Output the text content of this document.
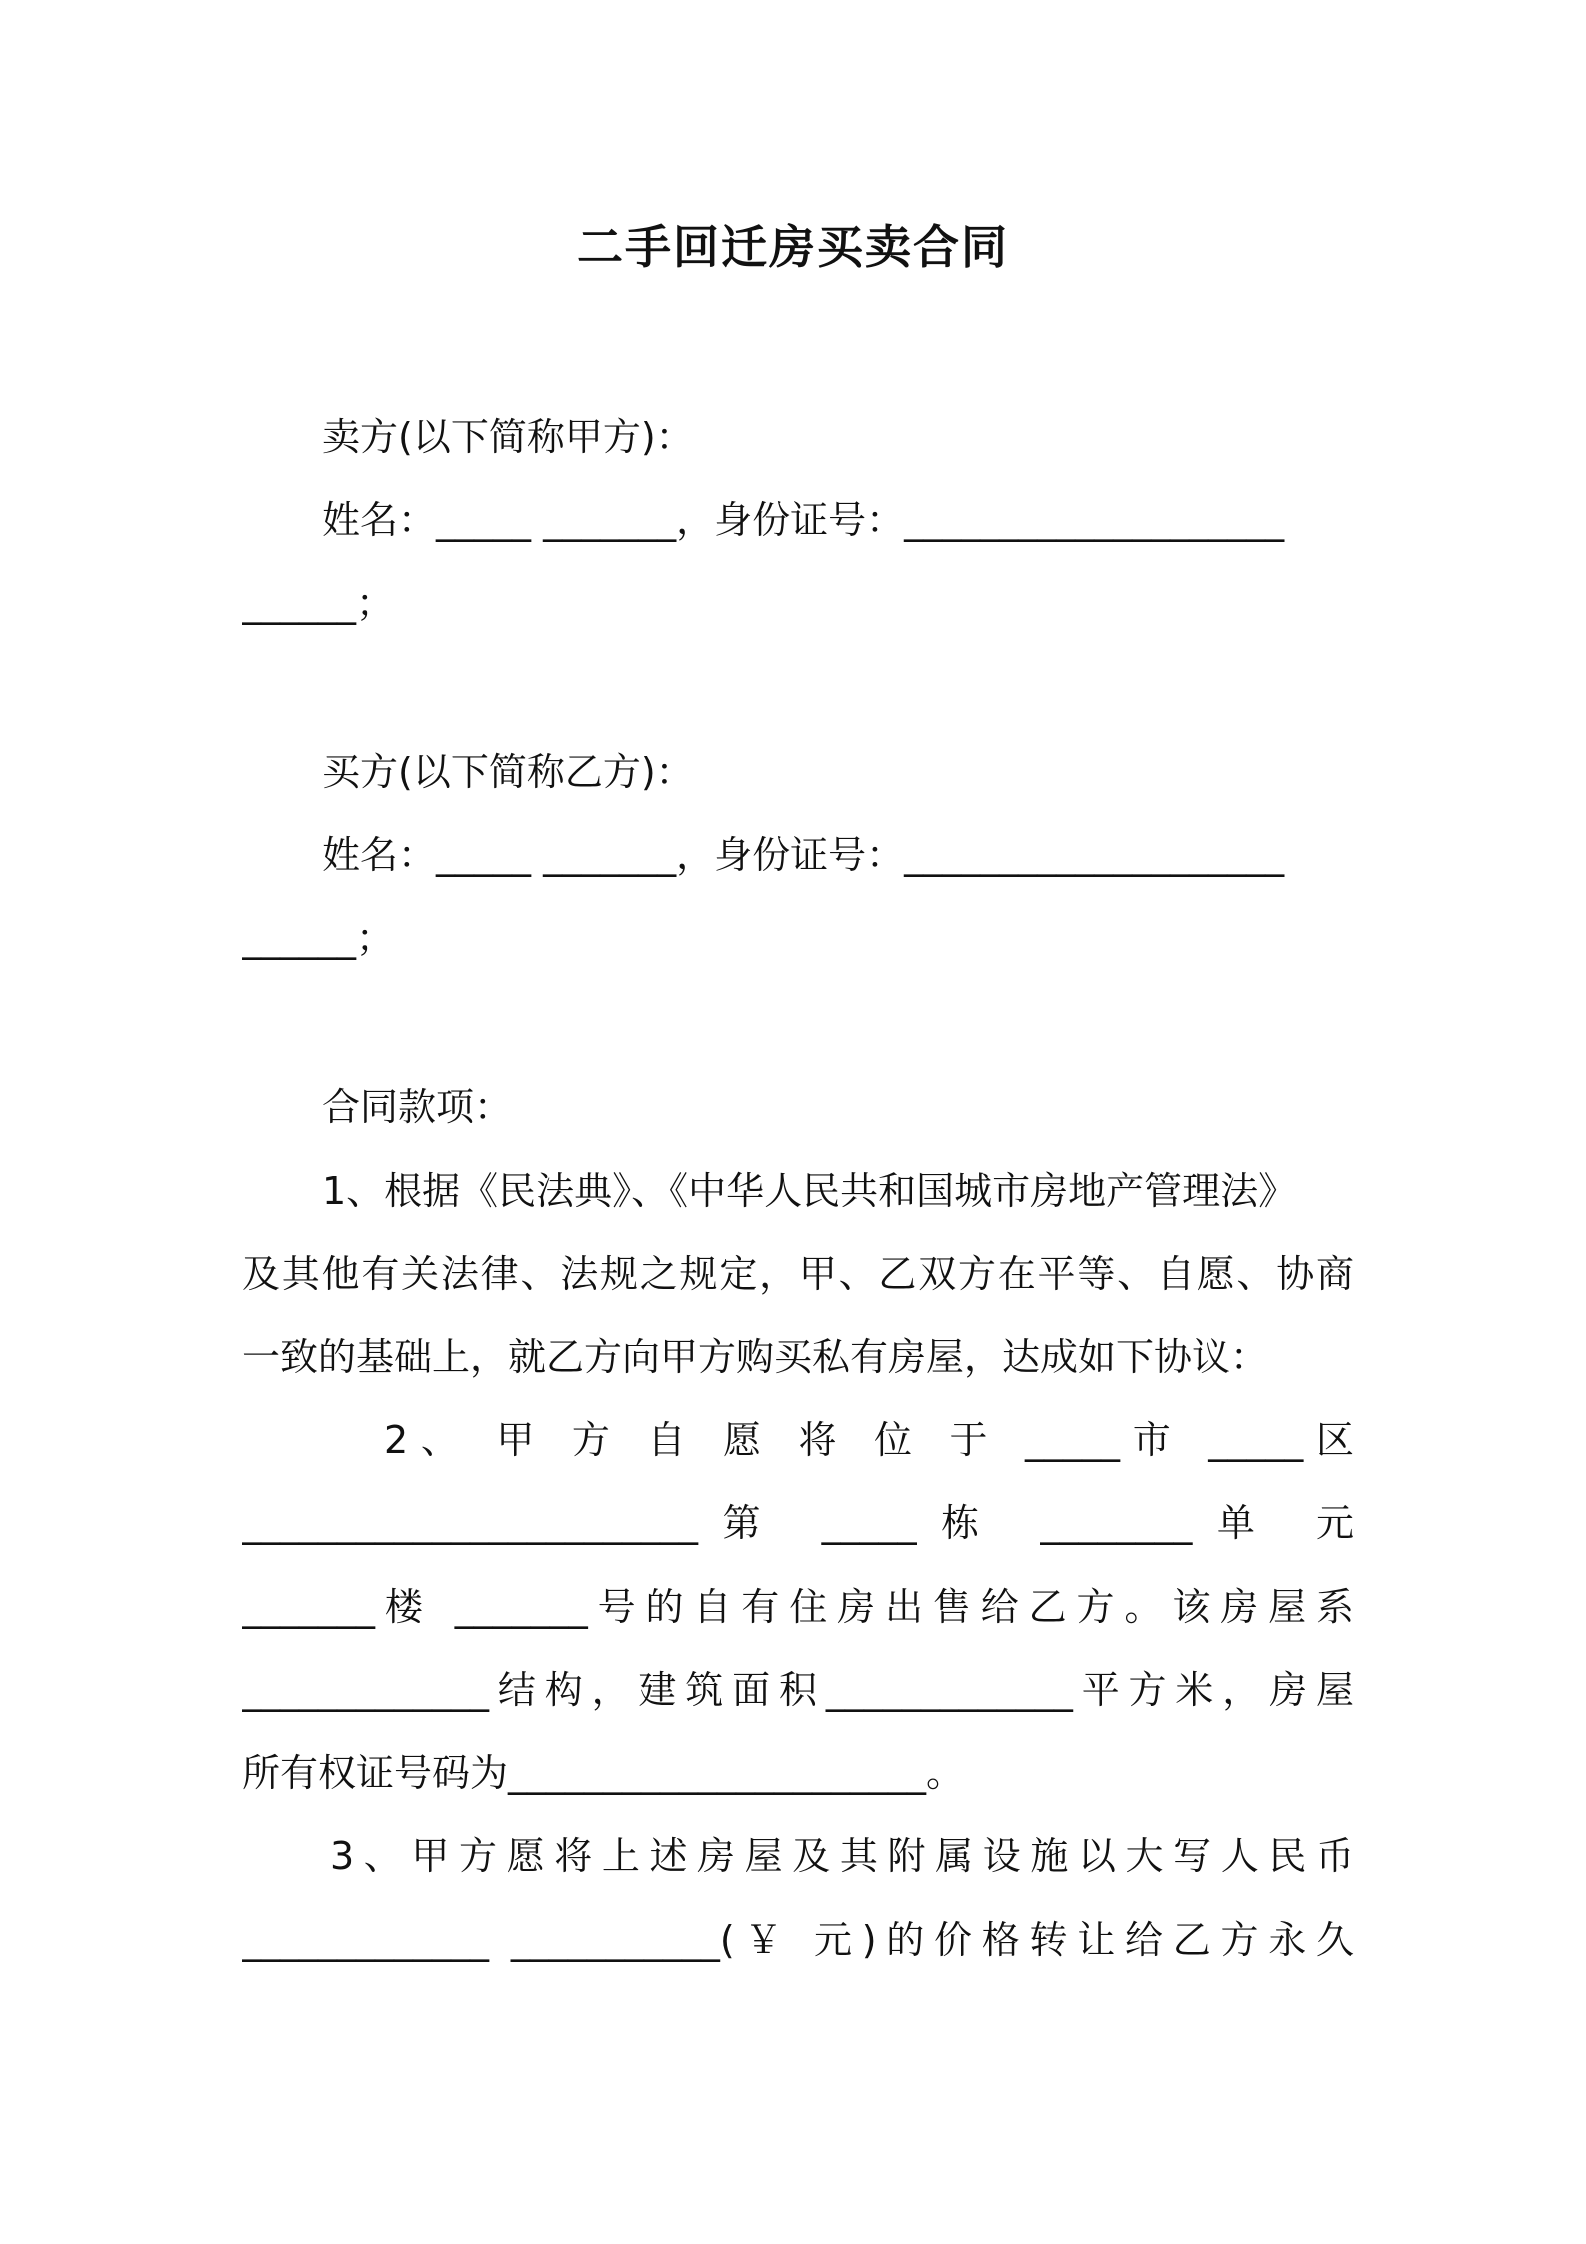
二手回迁房买卖合同
卖方(以下简称甲方)：
姓名：_____ _______，身份证号：____________________
______；
买方(以下简称乙方)：
姓名：_____ _______，身份证号：____________________
______；
合同款项：
1、根据《民法典》、《中华人民共和国城市房地产管理法》
及其他有关法律、法规之规定，甲、乙双方在平等、自愿、协商
一致的基础上，就乙方向甲方购买私有房屋，达成如下协议：
2、 甲 方 自 愿 将 位 于 _____市 _____区
________________________第 _____栋 ________单 元
_______楼 _______号的自有住房出售给乙方。该房屋系
_____________结构，建筑面积_____________平方米，房屋
所有权证号码为______________________。
3、甲方愿将上述房屋及其附属设施以大写人民币
_____________ ___________(￥ 元)的价格转让给乙方永久
